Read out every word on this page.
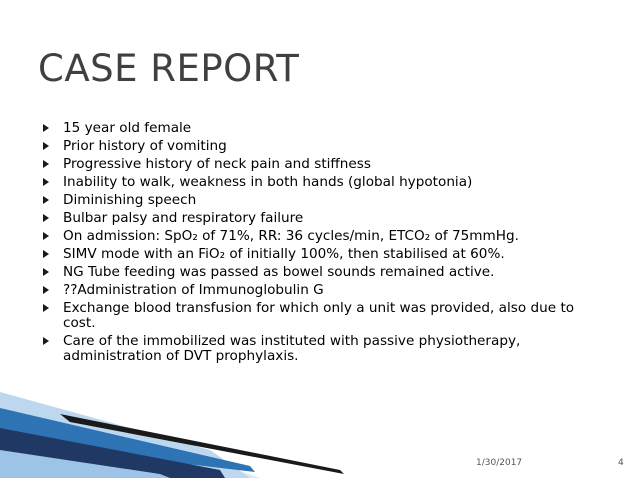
CASE REPORT
15 year old female
Prior history of vomiting
Progressive history of neck pain and stiffness
Inability to walk, weakness in both hands (global hypotonia)
Diminishing speech
Bulbar palsy and respiratory failure
On admission: SpO₂ of 71%, RR: 36 cycles/min, ETCO₂ of 75mmHg.
SIMV mode with an FiO₂ of initially 100%, then stabilised at 60%.
NG Tube feeding was passed as bowel sounds remained active.
??Administration of Immunoglobulin G
Exchange blood transfusion for which only a unit was provided, also due to cost.
Care of the immobilized was instituted with passive physiotherapy, administration of DVT prophylaxis.
1/30/2017	4
